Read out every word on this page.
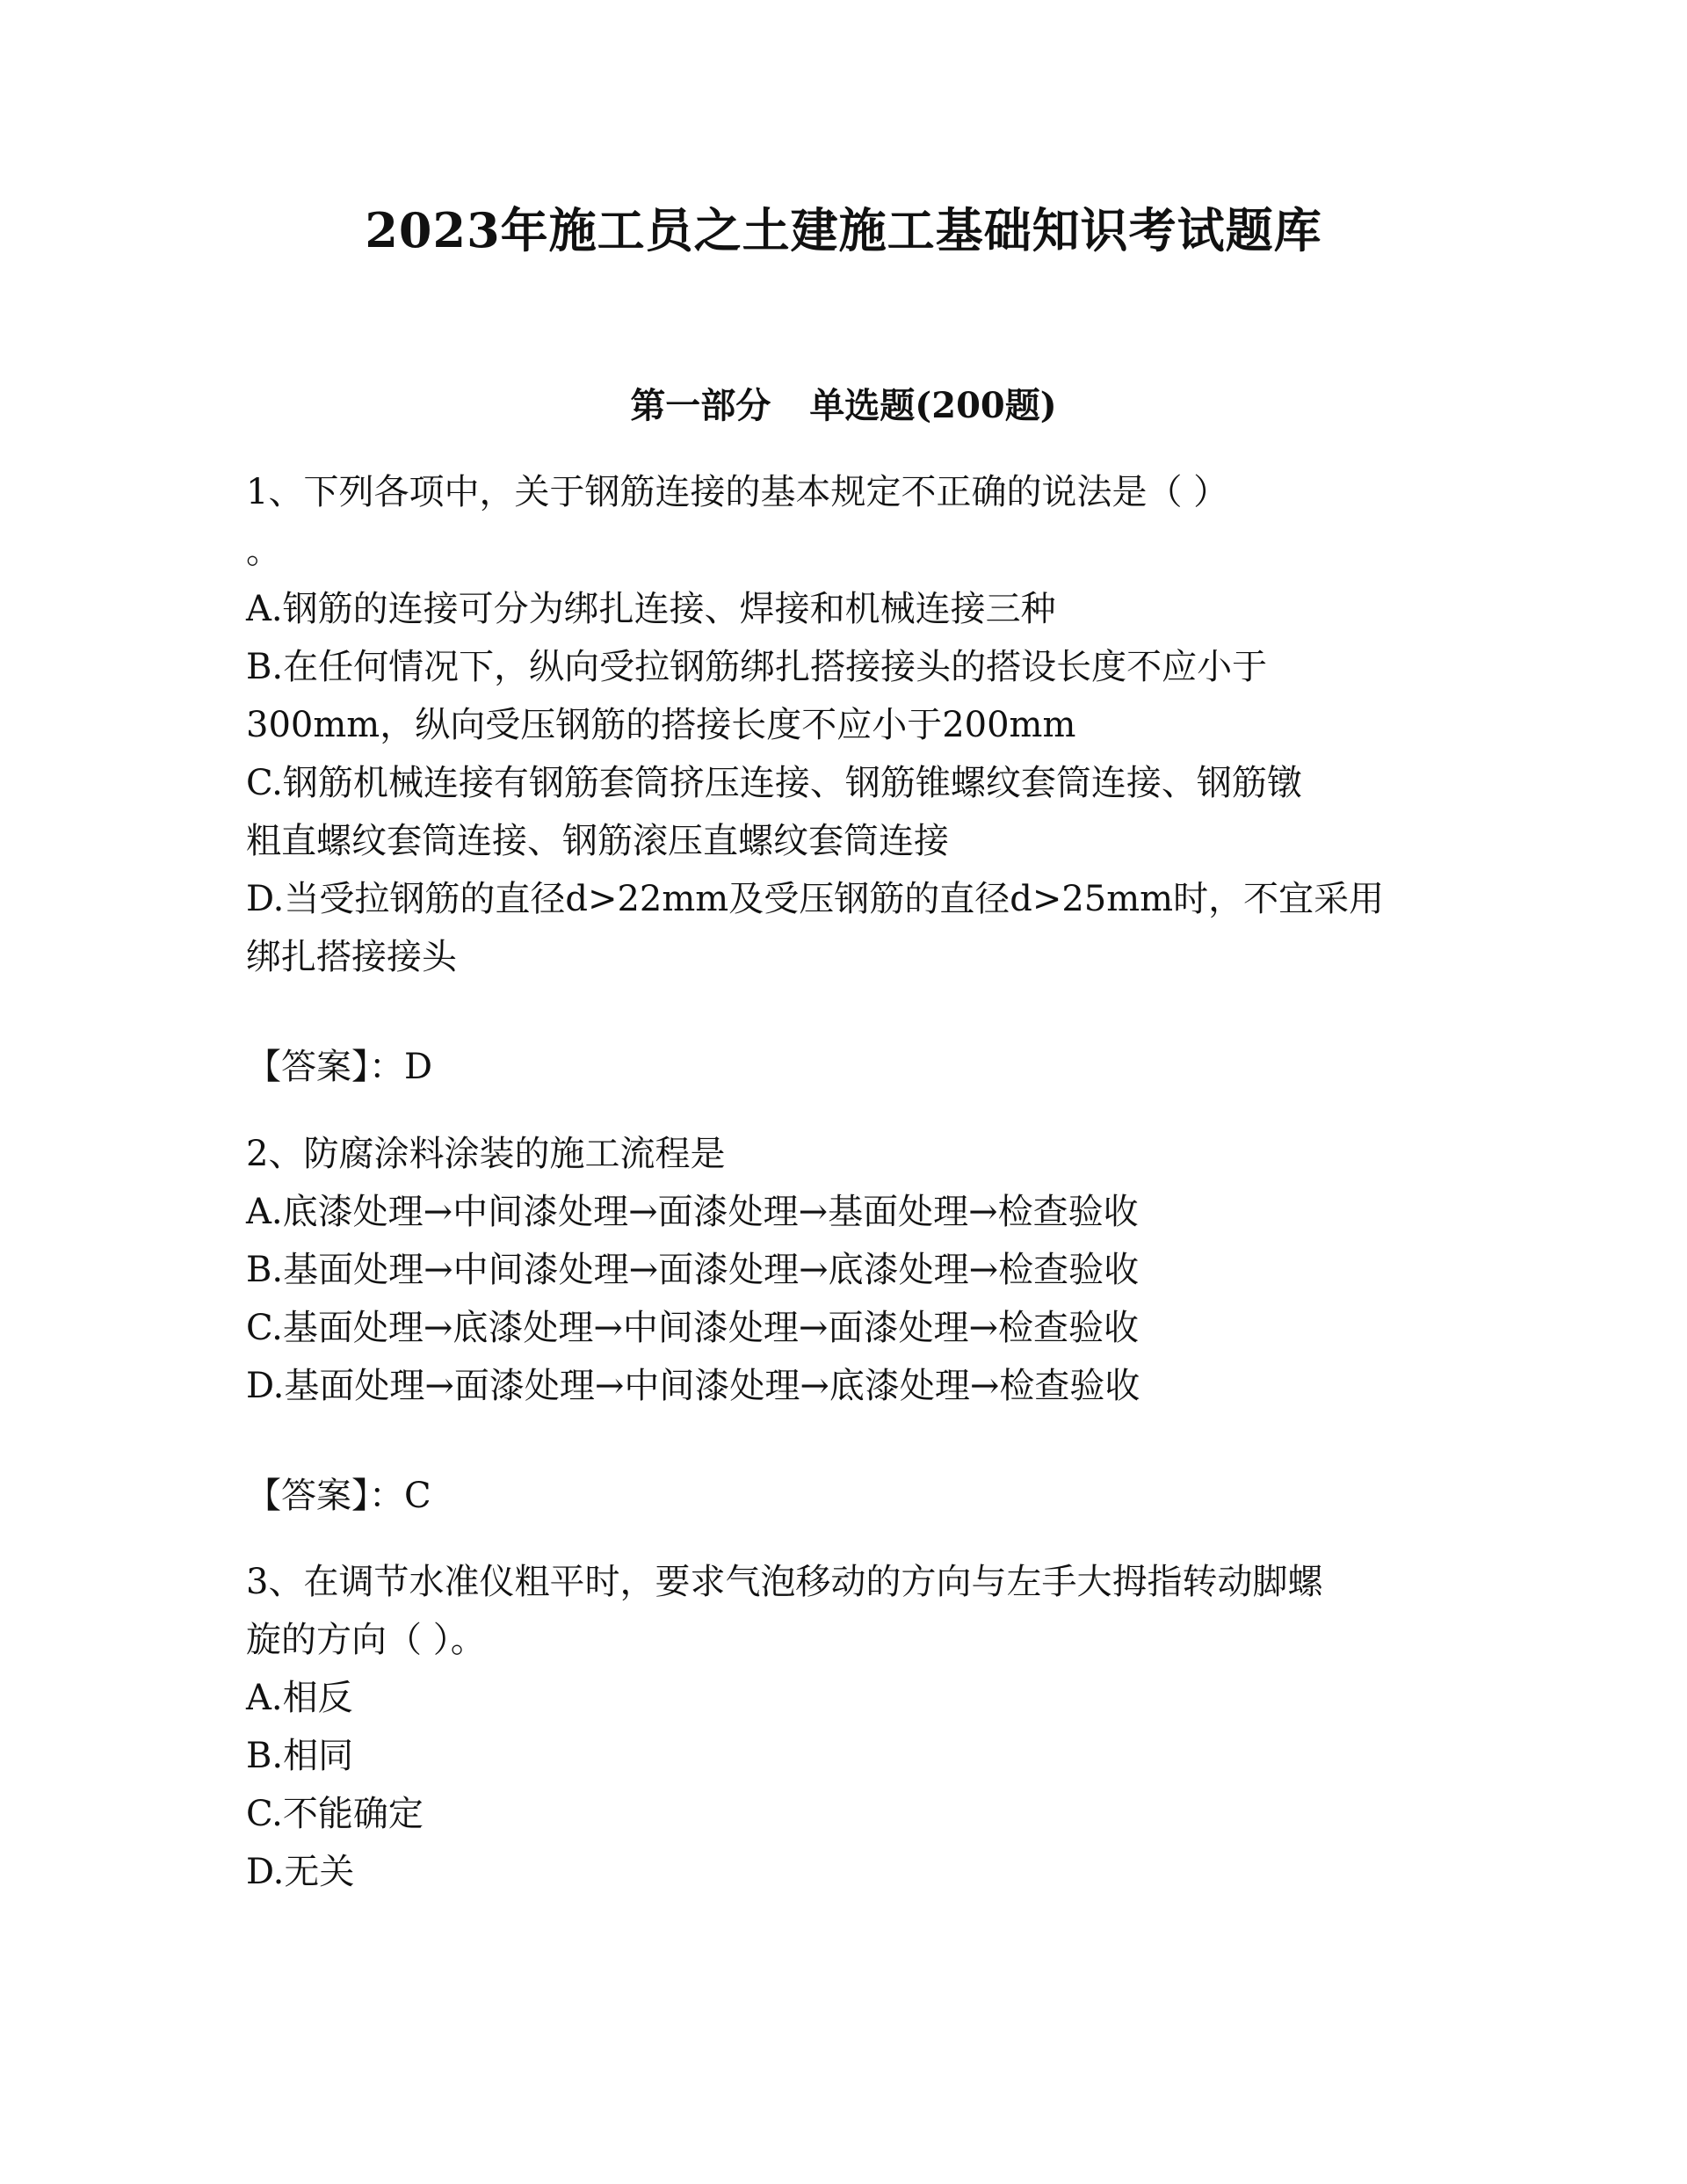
2023年施工员之土建施工基础知识考试题库
第一部分 单选题(200题)
1、下列各项中，关于钢筋连接的基本规定不正确的说法是（ ）
。
A.钢筋的连接可分为绑扎连接、焊接和机械连接三种
B.在任何情况下，纵向受拉钢筋绑扎搭接接头的搭设长度不应小于
300mm，纵向受压钢筋的搭接长度不应小于200mm
C.钢筋机械连接有钢筋套筒挤压连接、钢筋锥螺纹套筒连接、钢筋镦
粗直螺纹套筒连接、钢筋滚压直螺纹套筒连接
D.当受拉钢筋的直径d>22mm及受压钢筋的直径d>25mm时，不宜采用
绑扎搭接接头
【答案】：D
2、防腐涂料涂装的施工流程是
A.底漆处理→中间漆处理→面漆处理→基面处理→检查验收
B.基面处理→中间漆处理→面漆处理→底漆处理→检查验收
C.基面处理→底漆处理→中间漆处理→面漆处理→检查验收
D.基面处理→面漆处理→中间漆处理→底漆处理→检查验收
【答案】：C
3、在调节水准仪粗平时，要求气泡移动的方向与左手大拇指转动脚螺
旋的方向（ ）。
A.相反
B.相同
C.不能确定
D.无关
